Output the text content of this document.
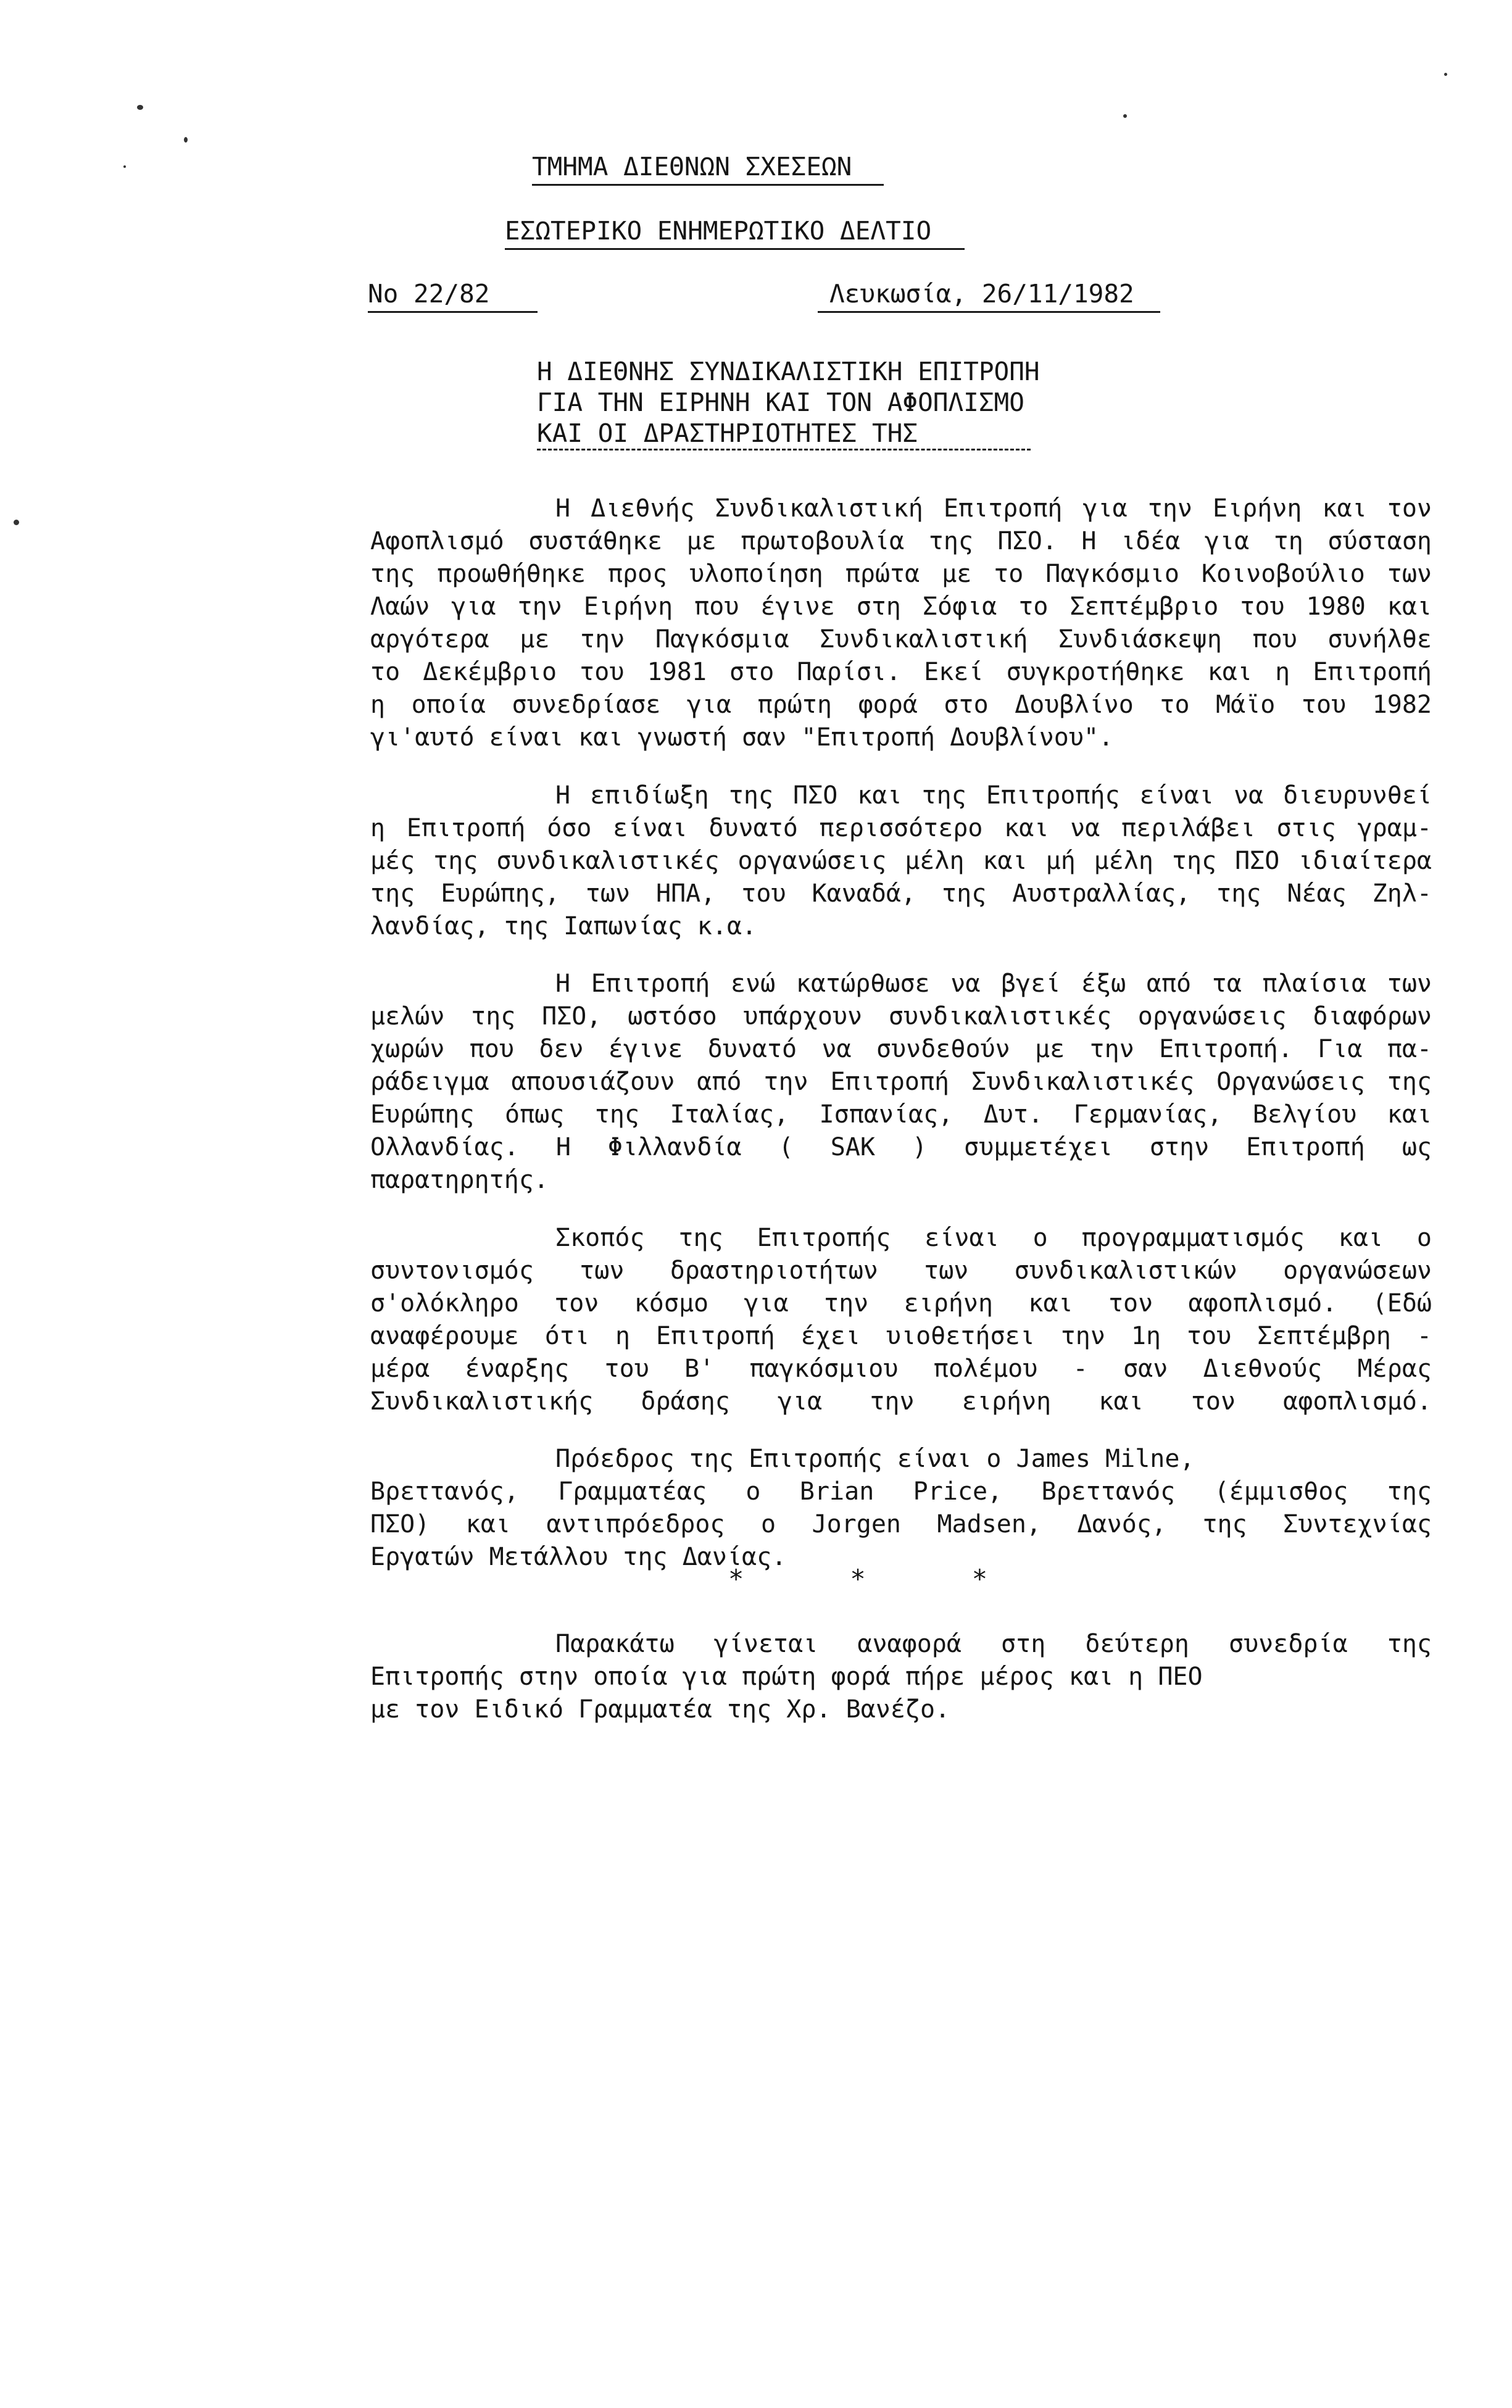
ΤΜΗΜΑ ΔΙΕΘΝΩΝ ΣΧΕΣΕΩΝ
ΕΣΩΤΕΡΙΚΟ ΕΝΗΜΕΡΩΤΙΚΟ ΔΕΛΤΙΟ
Νο 22/82	Λευκωσία, 26/11/1982
Η ΔΙΕΘΝΗΣ ΣΥΝΔΙΚΑΛΙΣΤΙΚΗ ΕΠΙΤΡΟΠΗ
ΓΙΑ ΤΗΝ ΕΙΡΗΝΗ ΚΑΙ ΤΟΝ ΑΦΟΠΛΙΣΜΟ
ΚΑΙ ΟΙ ΔΡΑΣΤΗΡΙΟΤΗΤΕΣ ΤΗΣ
Η Διεθνής Συνδικαλιστική Επιτροπή για την Ειρήνη και τον
Αφοπλισμό συστάθηκε με πρωτοβουλία της ΠΣΟ. Η ιδέα για τη σύσταση
της προωθήθηκε προς υλοποίηση πρώτα με το Παγκόσμιο Κοινοβούλιο των
Λαών για την Ειρήνη που έγινε στη Σόφια το Σεπτέμβριο του 1980 και
αργότερα με την Παγκόσμια Συνδικαλιστική Συνδιάσκεψη που συνήλθε
το Δεκέμβριο του 1981 στο Παρίσι. Εκεί συγκροτήθηκε και η Επιτροπή
η οποία συνεδρίασε για πρώτη φορά στο Δουβλίνο το Μάϊο του 1982
γι'αυτό είναι και γνωστή σαν "Επιτροπή Δουβλίνου".
Η επιδίωξη της ΠΣΟ και της Επιτροπής είναι να διευρυνθεί
η Επιτροπή όσο είναι δυνατό περισσότερο και να περιλάβει στις γραμ-
μές της συνδικαλιστικές οργανώσεις μέλη και μή μέλη της ΠΣΟ ιδιαίτερα
της Ευρώπης, των ΗΠΑ, του Καναδά, της Αυστραλλίας, της Νέας Ζηλ-
λανδίας, της Ιαπωνίας κ.α.
Η Επιτροπή ενώ κατώρθωσε να βγεί έξω από τα πλαίσια των
μελών της ΠΣΟ, ωστόσο υπάρχουν συνδικαλιστικές οργανώσεις διαφόρων
χωρών που δεν έγινε δυνατό να συνδεθούν με την Επιτροπή. Για πα-
ράδειγμα απουσιάζουν από την Επιτροπή Συνδικαλιστικές Οργανώσεις της
Ευρώπης όπως της Ιταλίας, Ισπανίας, Δυτ. Γερμανίας, Βελγίου και
Ολλανδίας. Η Φιλλανδία ( SAK ) συμμετέχει στην Επιτροπή ως
παρατηρητής.
Σκοπός της Επιτροπής είναι ο προγραμματισμός και ο
συντονισμός των δραστηριοτήτων των συνδικαλιστικών οργανώσεων
σ'ολόκληρο τον κόσμο για την ειρήνη και τον αφοπλισμό. (Εδώ
αναφέρουμε ότι η Επιτροπή έχει υιοθετήσει την 1η του Σεπτέμβρη -
μέρα έναρξης του Β' παγκόσμιου πολέμου - σαν Διεθνούς Μέρας
Συνδικαλιστικής δράσης για την ειρήνη και τον αφοπλισμό.
Πρόεδρος της Επιτροπής είναι ο James Milne,
Βρεττανός, Γραμματέας ο Brian Price, Βρεττανός (έμμισθος της
ΠΣΟ) και αντιπρόεδρος ο Jorgen Madsen, Δανός, της Συντεχνίας
Εργατών Μετάλλου της Δανίας.
*	*	*
Παρακάτω γίνεται αναφορά στη δεύτερη συνεδρία της
Επιτροπής στην οποία για πρώτη φορά πήρε μέρος και η ΠΕΟ
με τον Ειδικό Γραμματέα της Χρ. Βανέζο.
